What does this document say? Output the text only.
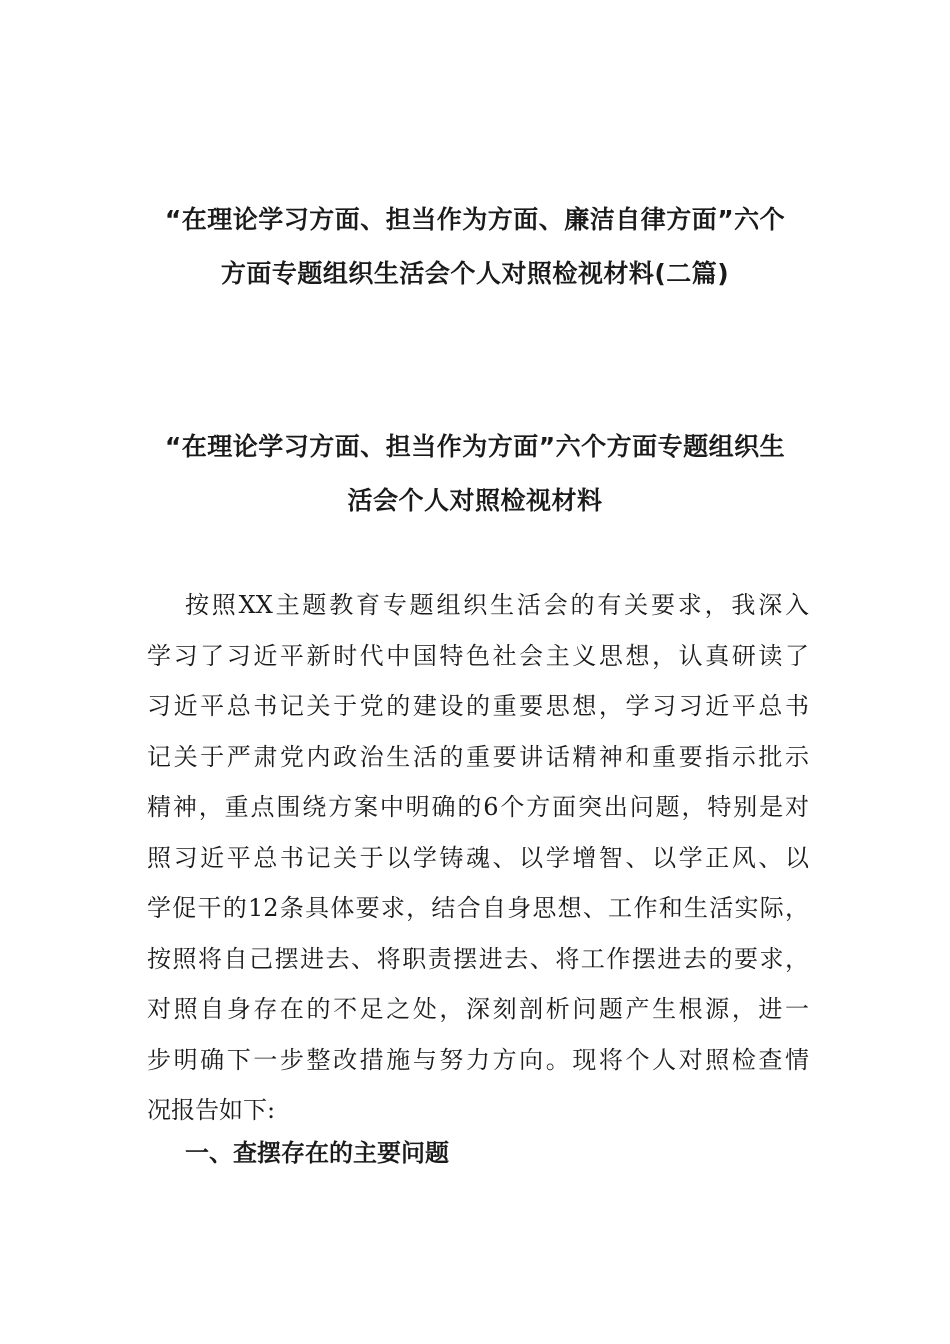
“在理论学习方面、担当作为方面、廉洁自律方面”六个
方面专题组织生活会个人对照检视材料(二篇)
“在理论学习方面、担当作为方面”六个方面专题组织生
活会个人对照检视材料
按照XX主题教育专题组织生活会的有关要求，我深入
学习了习近平新时代中国特色社会主义思想，认真研读了
习近平总书记关于党的建设的重要思想，学习习近平总书
记关于严肃党内政治生活的重要讲话精神和重要指示批示
精神，重点围绕方案中明确的6个方面突出问题，特别是对
照习近平总书记关于以学铸魂、以学增智、以学正风、以
学促干的12条具体要求，结合自身思想、工作和生活实际，
按照将自己摆进去、将职责摆进去、将工作摆进去的要求，
对照自身存在的不足之处，深刻剖析问题产生根源，进一
步明确下一步整改措施与努力方向。现将个人对照检查情
况报告如下:
一、查摆存在的主要问题
